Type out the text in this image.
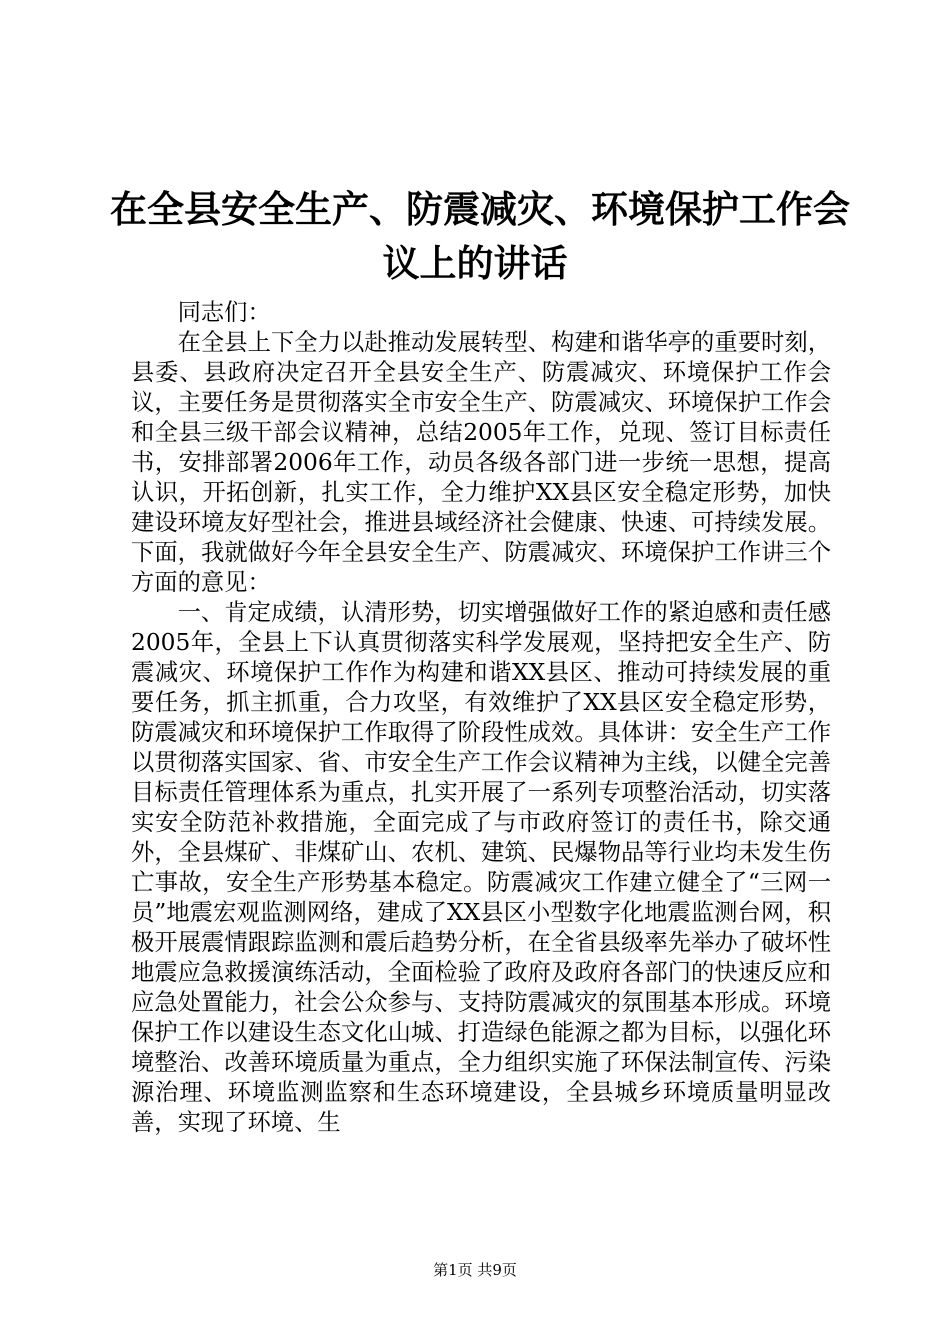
在全县安全生产、防震减灾、环境保护工作会
议上的讲话

同志们：

在全县上下全力以赴推动发展转型、构建和谐华亭的重要时刻，县委、县政府决定召开全县安全生产、防震减灾、环境保护工作会议，主要任务是贯彻落实全市安全生产、防震减灾、环境保护工作会和全县三级干部会议精神，总结2005年工作，兑现、签订目标责任书，安排部署2006年工作，动员各级各部门进一步统一思想，提高认识，开拓创新，扎实工作，全力维护XX县区安全稳定形势，加快建设环境友好型社会，推进县域经济社会健康、快速、可持续发展。下面，我就做好今年全县安全生产、防震减灾、环境保护工作讲三个方面的意见：

一、肯定成绩，认清形势，切实增强做好工作的紧迫感和责任感2005年，全县上下认真贯彻落实科学发展观，坚持把安全生产、防震减灾、环境保护工作作为构建和谐XX县区、推动可持续发展的重要任务，抓主抓重，合力攻坚，有效维护了XX县区安全稳定形势，防震减灾和环境保护工作取得了阶段性成效。具体讲：安全生产工作以贯彻落实国家、省、市安全生产工作会议精神为主线，以健全完善目标责任管理体系为重点，扎实开展了一系列专项整治活动，切实落实安全防范补救措施，全面完成了与市政府签订的责任书，除交通外，全县煤矿、非煤矿山、农机、建筑、民爆物品等行业均未发生伤亡事故，安全生产形势基本稳定。防震减灾工作建立健全了“三网一员”地震宏观监测网络，建成了XX县区小型数字化地震监测台网，积极开展震情跟踪监测和震后趋势分析，在全省县级率先举办了破坏性地震应急救援演练活动，全面检验了政府及政府各部门的快速反应和应急处置能力，社会公众参与、支持防震减灾的氛围基本形成。环境保护工作以建设生态文化山城、打造绿色能源之都为目标，以强化环境整治、改善环境质量为重点，全力组织实施了环保法制宣传、污染源治理、环境监测监察和生态环境建设，全县城乡环境质量明显改善，实现了环境、生

第1页 共9页
